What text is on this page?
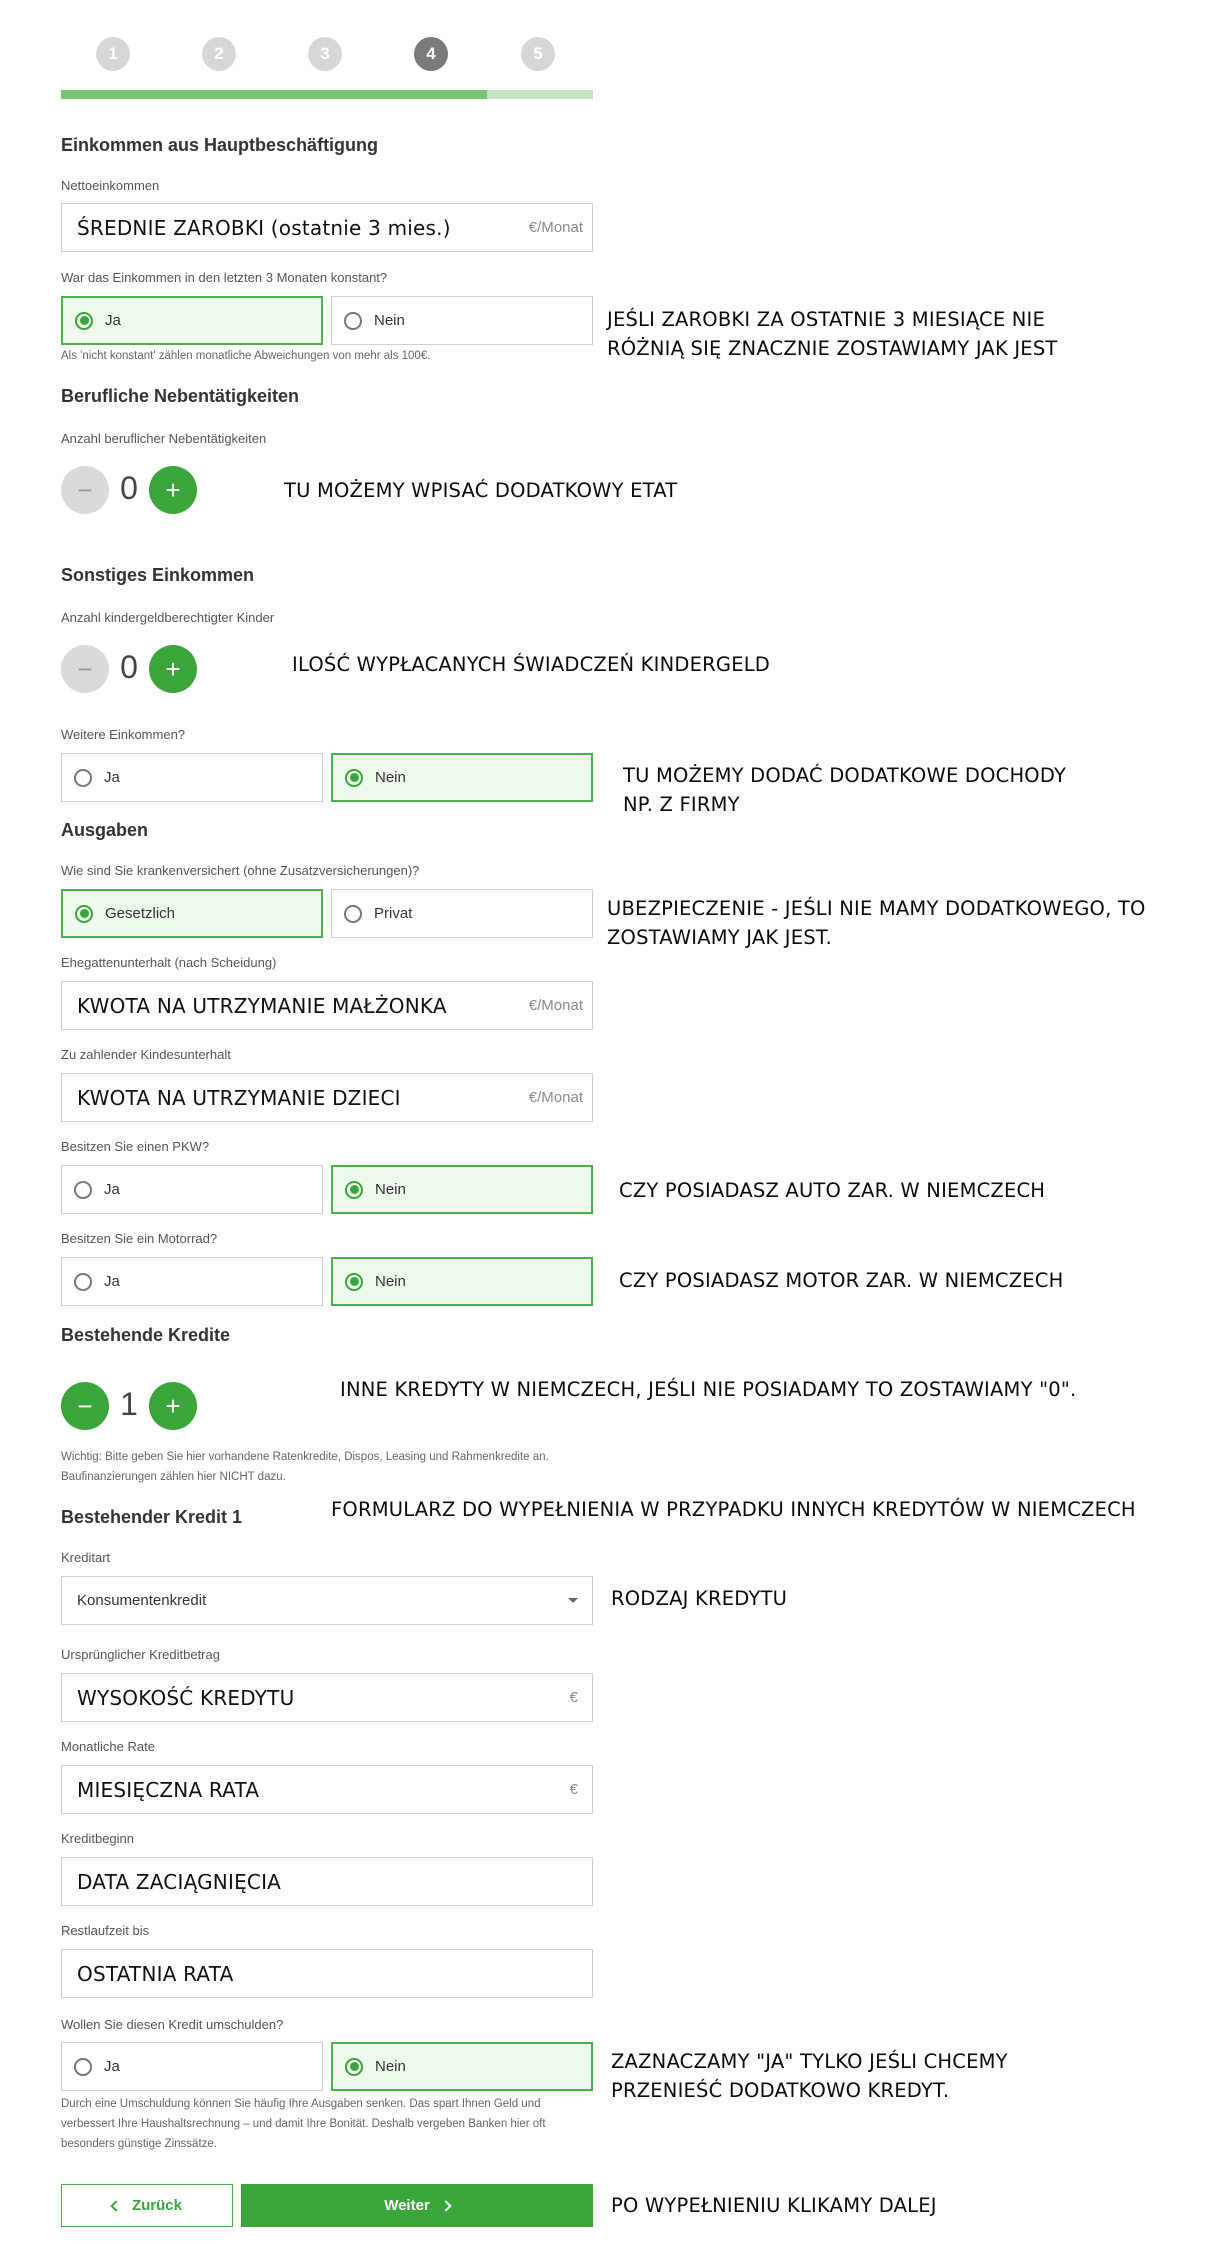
1	2	3	4	5
Einkommen aus Hauptbeschäftigung
Nettoeinkommen
ŚREDNIE ZAROBKI (ostatnie 3 mies.)	€/Monat
War das Einkommen in den letzten 3 Monaten konstant?
Ja	Nein
Als 'nicht konstant' zählen monatliche Abweichungen von mehr als 100€.
JEŚLI ZAROBKI ZA OSTATNIE 3 MIESIĄCE NIE
RÓŻNIĄ SIĘ ZNACZNIE ZOSTAWIAMY JAK JEST
Berufliche Nebentätigkeiten
Anzahl beruflicher Nebentätigkeiten
− 0	+	TU MOŻEMY WPISAĆ DODATKOWY ETAT
Sonstiges Einkommen
Anzahl kindergeldberechtigter Kinder
− 0	+	ILOŚĆ WYPŁACANYCH ŚWIADCZEŃ KINDERGELD
Weitere Einkommen?
Ja	Nein	TU MOŻEMY DODAĆ DODATKOWE DOCHODY
NP. Z FIRMY
Ausgaben
Wie sind Sie krankenversichert (ohne Zusatzversicherungen)?
Gesetzlich	Privat	UBEZPIECZENIE - JEŚLI NIE MAMY DODATKOWEGO, TO
ZOSTAWIAMY JAK JEST.
Ehegattenunterhalt (nach Scheidung)
KWOTA NA UTRZYMANIE MAŁŻONKA	€/Monat
Zu zahlender Kindesunterhalt
KWOTA NA UTRZYMANIE DZIECI	€/Monat
Besitzen Sie einen PKW?
Ja	Nein	CZY POSIADASZ AUTO ZAR. W NIEMCZECH
Besitzen Sie ein Motorrad?
Ja	Nein	CZY POSIADASZ MOTOR ZAR. W NIEMCZECH
Bestehende Kredite
− 1	+
INNE KREDYTY W NIEMCZECH, JEŚLI NIE POSIADAMY TO ZOSTAWIAMY "0".
Wichtig: Bitte geben Sie hier vorhandene Ratenkredite, Dispos, Leasing und Rahmenkredite an. Baufinanzierungen zählen hier NICHT dazu.
Bestehender Kredit 1	FORMULARZ DO WYPEŁNIENIA W PRZYPADKU INNYCH KREDYTÓW W NIEMCZECH
Kreditart
Konsumentenkredit	RODZAJ KREDYTU
Ursprünglicher Kreditbetrag
WYSOKOŚĆ KREDYTU	€
Monatliche Rate
MIESIĘCZNA RATA	€
Kreditbeginn
DATA ZACIĄGNIĘCIA
Restlaufzeit bis
OSTATNIA RATA
Wollen Sie diesen Kredit umschulden?
Ja	Nein
Durch eine Umschuldung können Sie häufig Ihre Ausgaben senken. Das spart Ihnen Geld und verbessert Ihre Haushaltsrechnung – und damit Ihre Bonität. Deshalb vergeben Banken hier oft besonders günstige Zinssätze.
ZAZNACZAMY "JA" TYLKO JEŚLI CHCEMY
PRZENIEŚĆ DODATKOWO KREDYT.
Zurück	Weiter	PO WYPEŁNIENIU KLIKAMY DALEJ
